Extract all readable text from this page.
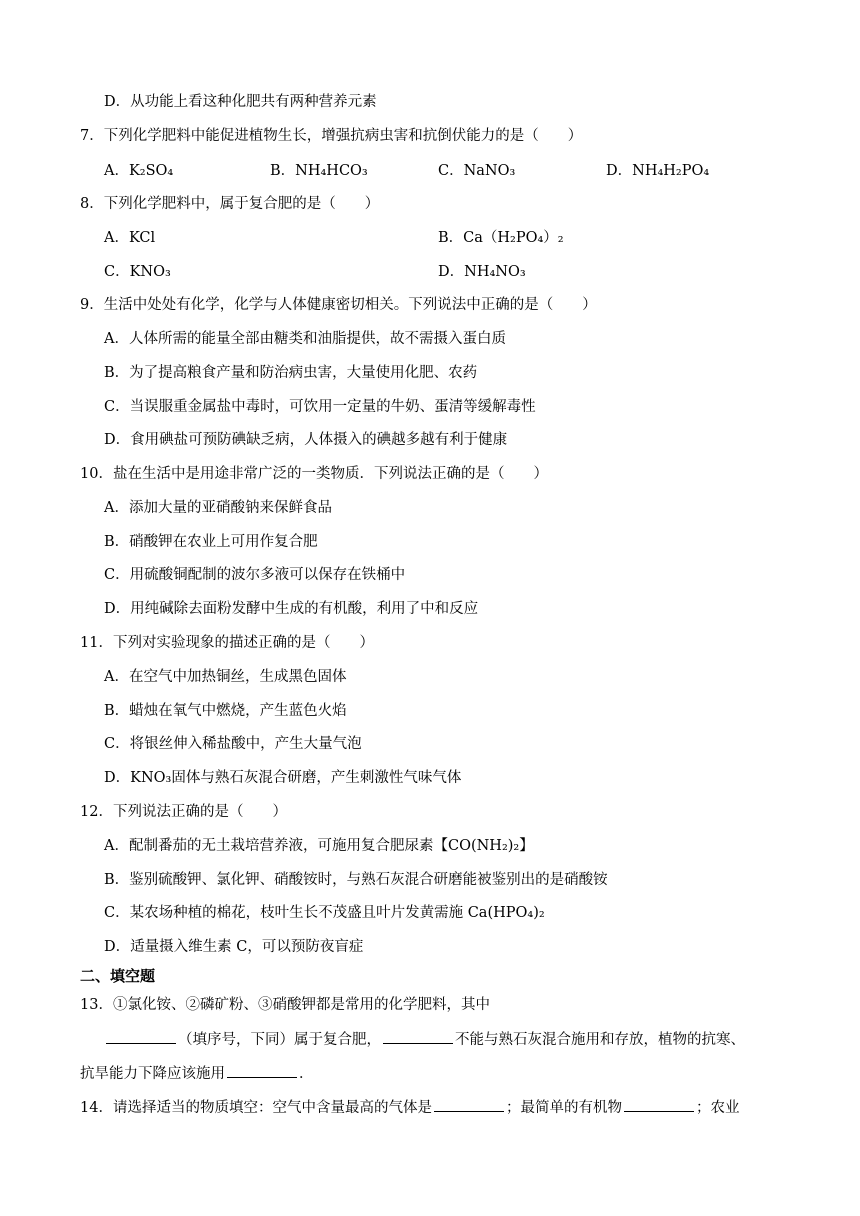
D．从功能上看这种化肥共有两种营养元素
7．下列化学肥料中能促进植物生长，增强抗病虫害和抗倒伏能力的是（　　）
A．K₂SO₄	B．NH₄HCO₃	C．NaNO₃	D．NH₄H₂PO₄
8．下列化学肥料中，属于复合肥的是（　　）
A．KCl	B．Ca（H₂PO₄）₂
C．KNO₃	D．NH₄NO₃
9．生活中处处有化学，化学与人体健康密切相关。下列说法中正确的是（　　）
A．人体所需的能量全部由糖类和油脂提供，故不需摄入蛋白质
B．为了提高粮食产量和防治病虫害，大量使用化肥、农药
C．当误服重金属盐中毒时，可饮用一定量的牛奶、蛋清等缓解毒性
D．食用碘盐可预防碘缺乏病，人体摄入的碘越多越有利于健康
10．盐在生活中是用途非常广泛的一类物质．下列说法正确的是（　　）
A．添加大量的亚硝酸钠来保鲜食品
B．硝酸钾在农业上可用作复合肥
C．用硫酸铜配制的波尔多液可以保存在铁桶中
D．用纯碱除去面粉发酵中生成的有机酸，利用了中和反应
11．下列对实验现象的描述正确的是（　　）
A．在空气中加热铜丝，生成黑色固体
B．蜡烛在氧气中燃烧，产生蓝色火焰
C．将银丝伸入稀盐酸中，产生大量气泡
D．KNO₃固体与熟石灰混合研磨，产生刺激性气味气体
12．下列说法正确的是（　　）
A．配制番茄的无土栽培营养液，可施用复合肥尿素【CO(NH₂)₂】
B．鉴别硫酸钾、氯化钾、硝酸铵时，与熟石灰混合研磨能被鉴别出的是硝酸铵
C．某农场种植的棉花，枝叶生长不茂盛且叶片发黄需施 Ca(HPO₄)₂
D．适量摄入维生素 C，可以预防夜盲症
二、填空题
13．①氯化铵、②磷矿粉、③硝酸钾都是常用的化学肥料，其中
（填序号，下同）属于复合肥，	不能与熟石灰混合施用和存放，植物的抗寒、
抗旱能力下降应该施用	．
14．请选择适当的物质填空：空气中含量最高的气体是	；最简单的有机物	；农业
